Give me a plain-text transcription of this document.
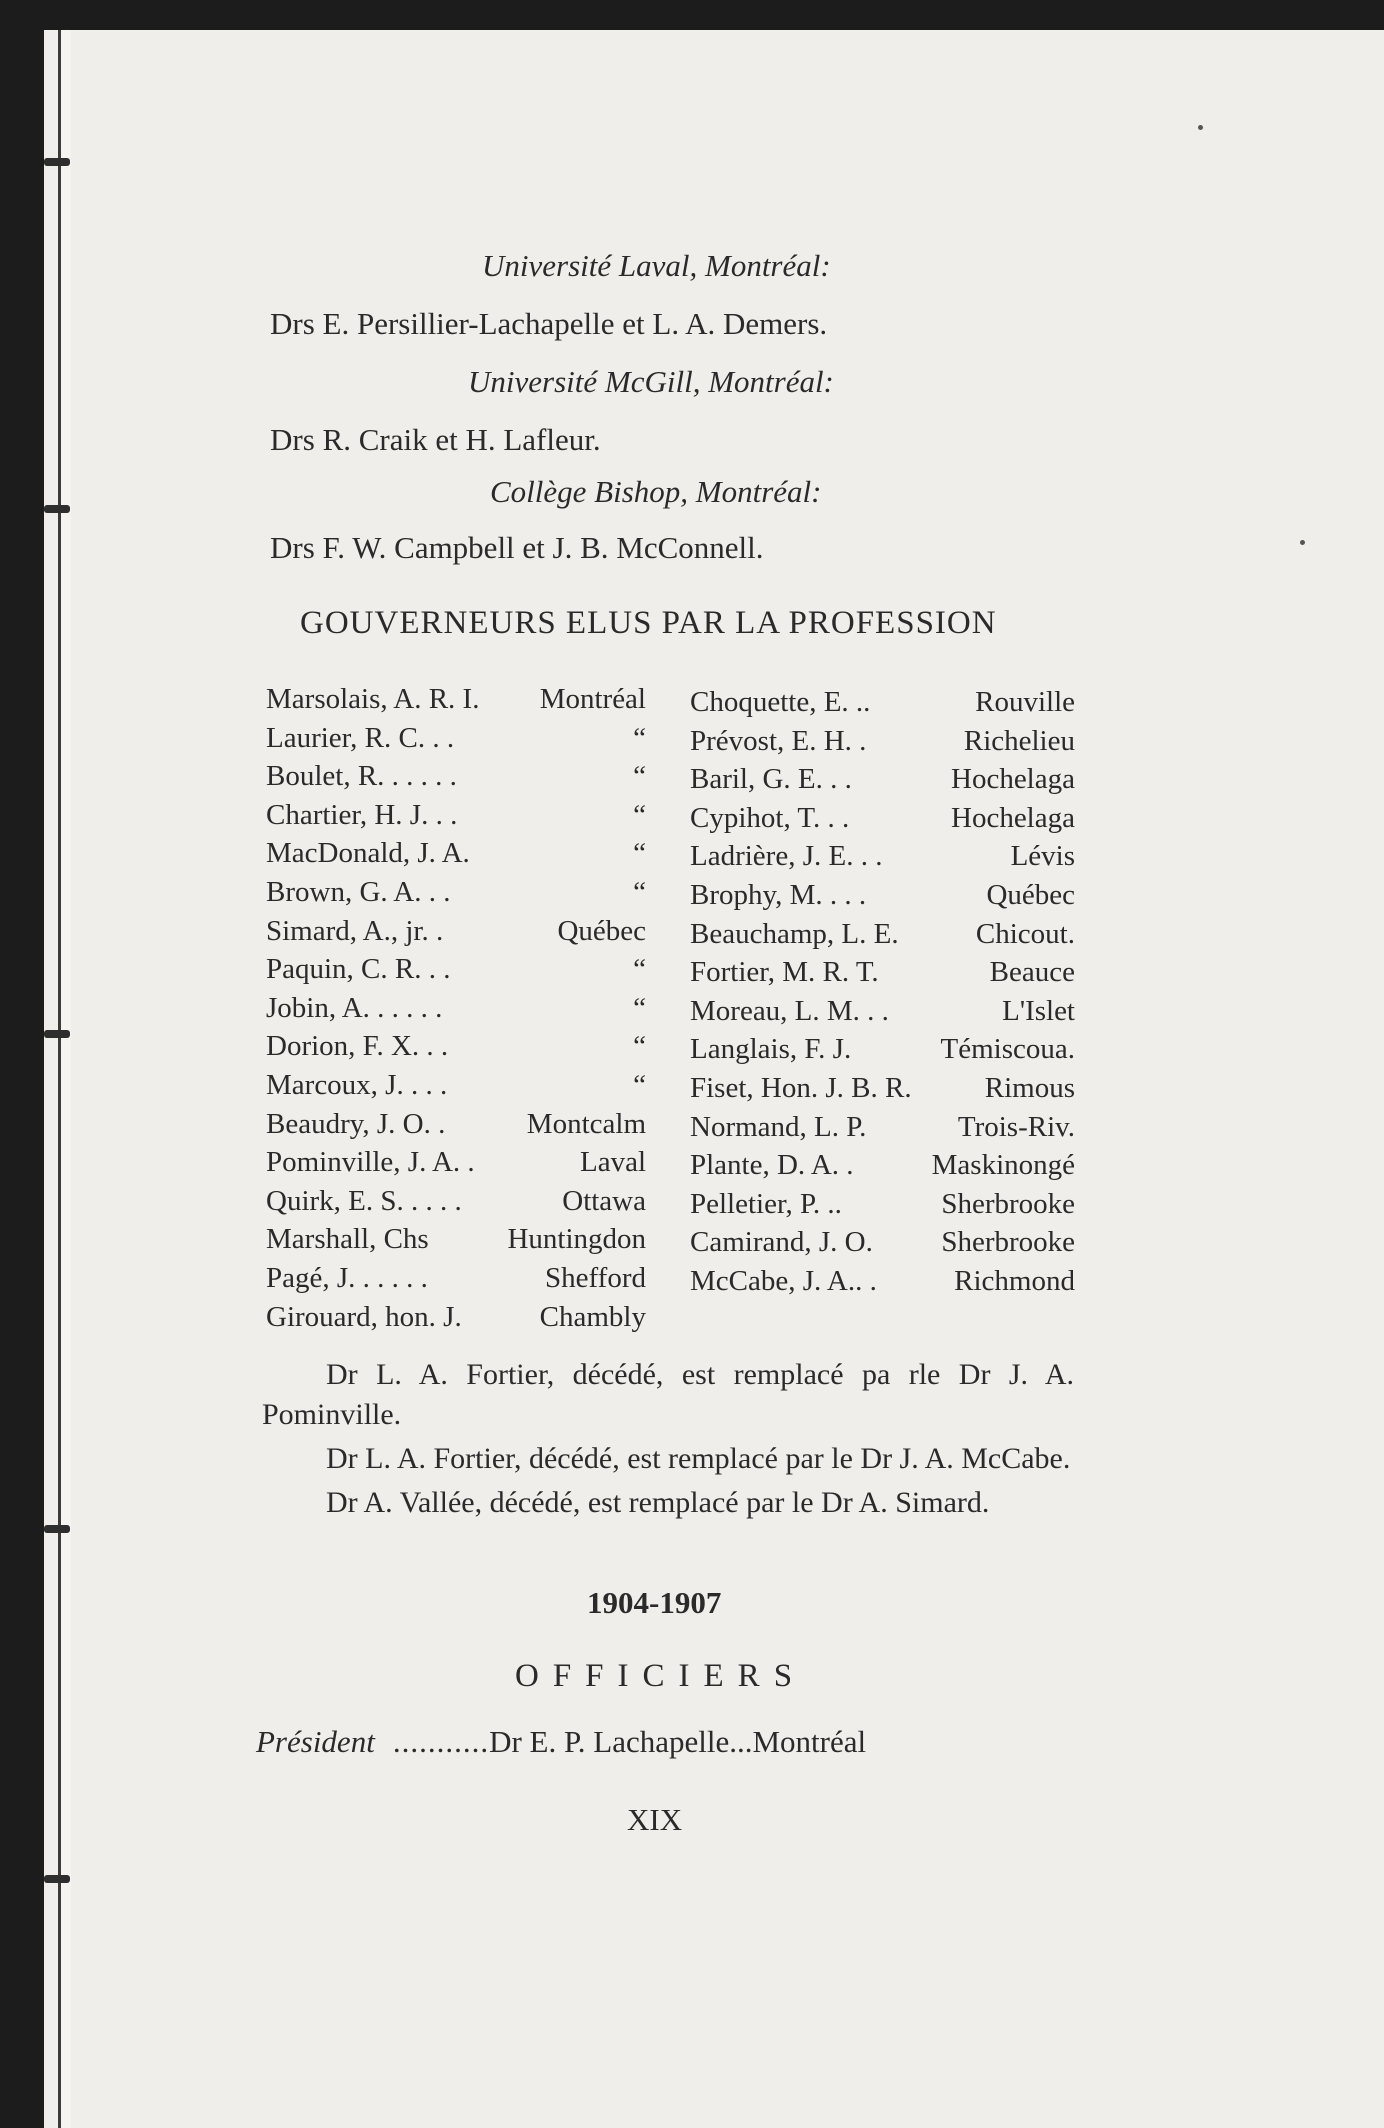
Université Laval, Montréal:
Drs E. Persillier-Lachapelle et L. A. Demers.
Université McGill, Montréal:
Drs R. Craik et H. Lafleur.
Collège Bishop, Montréal:
Drs F. W. Campbell et J. B. McConnell.
GOUVERNEURS ELUS PAR LA PROFESSION
Marsolais, A. R. I. Montréal
Laurier, R. C. . .	“
Boulet, R. . . . . .	“
Chartier, H. J. . .	“
MacDonald, J. A.	“
Brown, G. A. . .	“
Simard, A., jr. .	Québec
Paquin, C. R. . .	“
Jobin, A. . . . . .	“
Dorion, F. X. . .	“
Marcoux, J. . . .	“
Beaudry, J. O. .	Montcalm
Pominville, J. A. .	Laval
Quirk, E. S. . . . .	Ottawa
Marshall, Chs	Huntingdon
Pagé, J. . . . . .	Shefford
Girouard, hon. J.	Chambly
Choquette, E. ..	Rouville
Prévost, E. H. .	Richelieu
Baril, G. E. . .	Hochelaga
Cypihot, T. . .	Hochelaga
Ladrière, J. E. . .	Lévis
Brophy, M. . . .	Québec
Beauchamp, L. E.	Chicout.
Fortier, M. R. T.	Beauce
Moreau, L. M. . .	L'Islet
Langlais, F. J.	Témiscoua.
Fiset, Hon. J. B. R.	Rimous
Normand, L. P.	Trois-Riv.
Plante, D. A. .	Maskinongé
Pelletier, P. ..	Sherbrooke
Camirand, J. O. Sherbrooke
McCabe, J. A.. .	Richmond

Dr L. A. Fortier, décédé, est remplacé pa rle Dr J. A. Pominville.

Dr L. A. Fortier, décédé, est remplacé par le Dr J. A. McCabe.

Dr A. Vallée, décédé, est remplacé par le Dr A. Simard.

1904-1907
OFFICIERS
Président ........... Dr E. P. Lachapelle...Montréal
XIX
